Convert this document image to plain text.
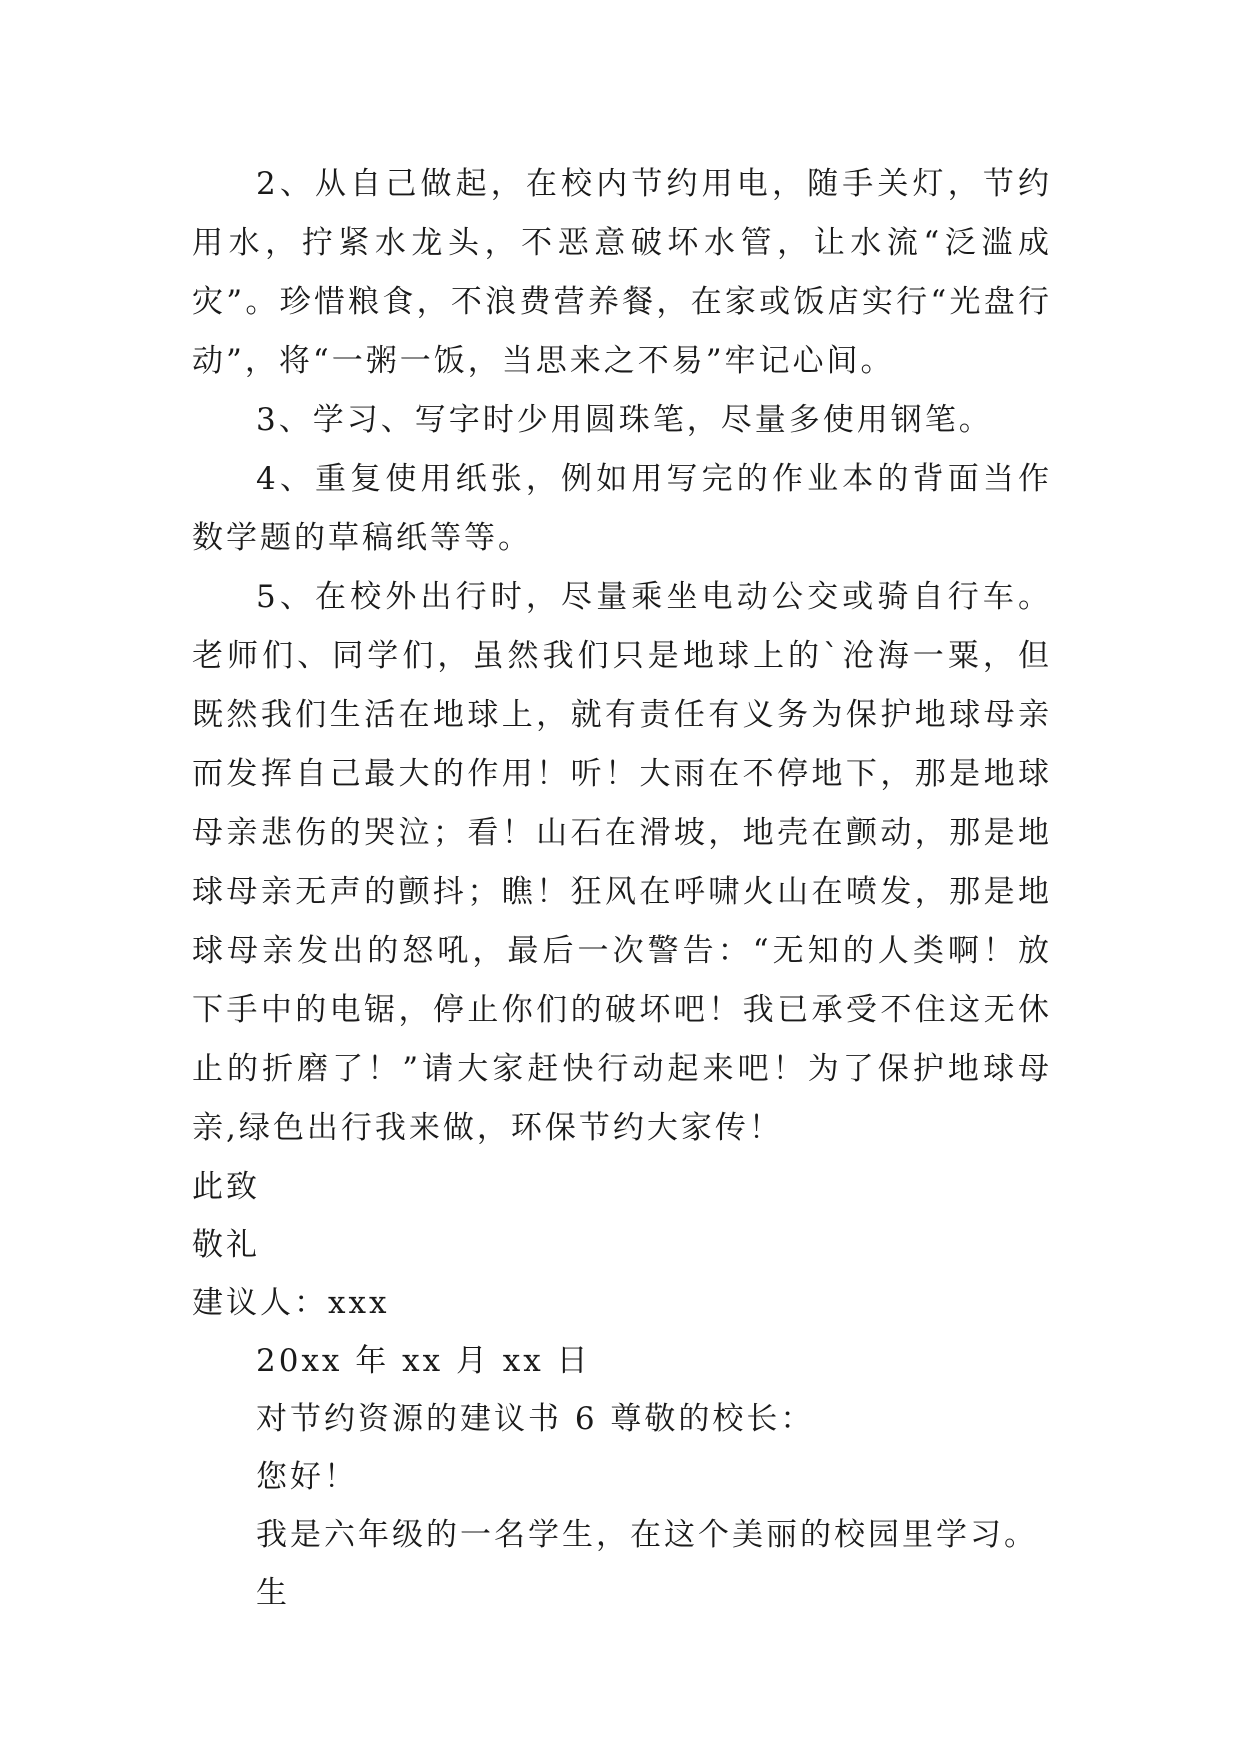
2、从自己做起，在校内节约用电，随手关灯，节约用水，拧紧水龙头，不恶意破坏水管，让水流“泛滥成灾”。珍惜粮食，不浪费营养餐，在家或饭店实行“光盘行动”，将“一粥一饭，当思来之不易”牢记心间。

3、学习、写字时少用圆珠笔，尽量多使用钢笔。

4、重复使用纸张，例如用写完的作业本的背面当作数学题的草稿纸等等。

5、在校外出行时，尽量乘坐电动公交或骑自行车。老师们、同学们，虽然我们只是地球上的`沧海一粟，但既然我们生活在地球上，就有责任有义务为保护地球母亲而发挥自己最大的作用！听！大雨在不停地下，那是地球母亲悲伤的哭泣；看！山石在滑坡，地壳在颤动，那是地球母亲无声的颤抖；瞧！狂风在呼啸火山在喷发，那是地球母亲发出的怒吼，最后一次警告：“无知的人类啊！放下手中的电锯，停止你们的破坏吧！我已承受不住这无休止的折磨了！”请大家赶快行动起来吧！为了保护地球母亲,绿色出行我来做，环保节约大家传！

此致

敬礼

建议人：xxx

20xx 年 xx 月 xx 日

对节约资源的建议书 6 尊敬的校长：

您好！

我是六年级的一名学生，在这个美丽的校园里学习。生
